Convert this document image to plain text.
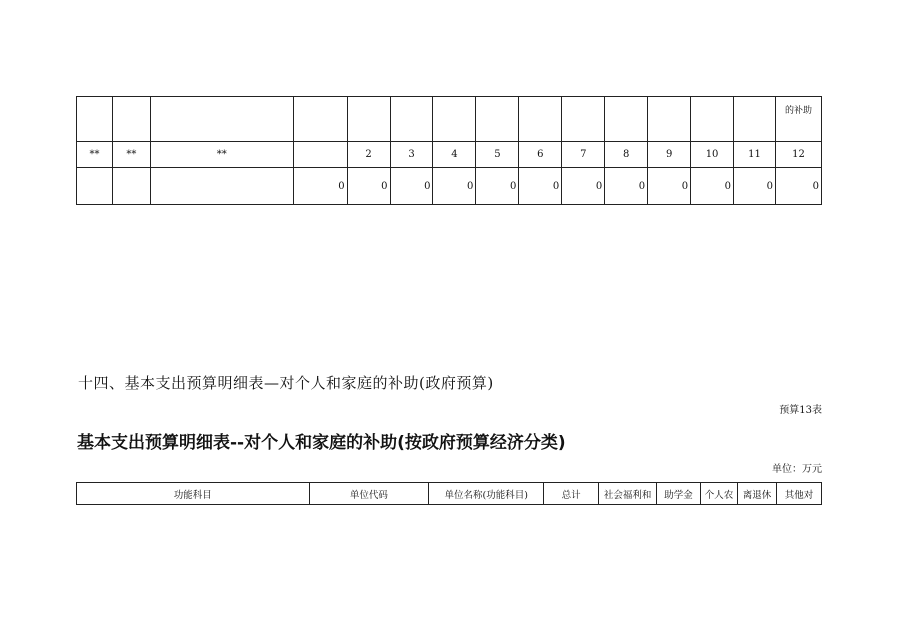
														的补助

**	**	**		2	3	4	5	6	7	8	9	10	11	12
			0	0	0	0	0	0	0	0	0	0	0	0
十四、基本支出预算明细表—对个人和家庭的补助(政府预算)
预算13表
基本支出预算明细表--对个人和家庭的补助(按政府预算经济分类)
单位：万元
功能科目	单位代码	单位名称(功能科目)	总计	社会福利和	助学金	个人农	离退休	其他对
